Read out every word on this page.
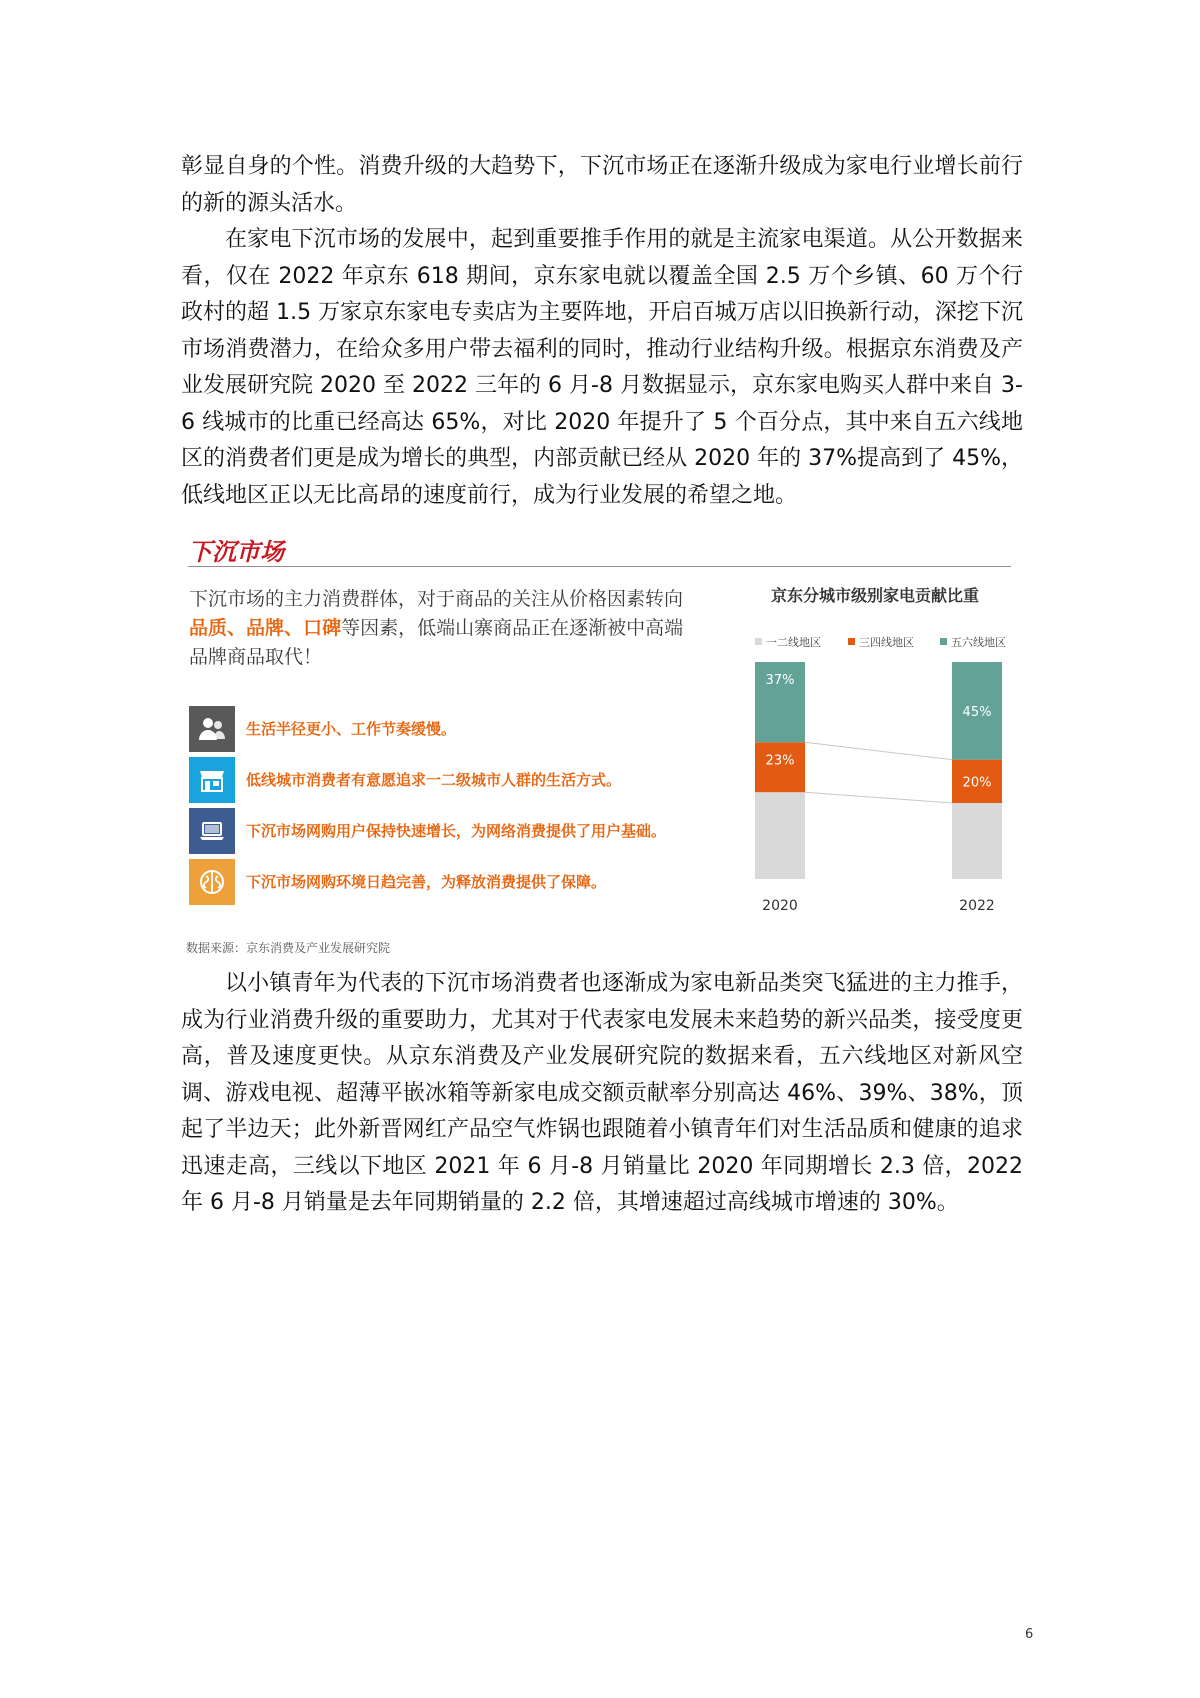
彰显自身的个性。消费升级的大趋势下，下沉市场正在逐渐升级成为家电行业增长前行的新的源头活水。

在家电下沉市场的发展中，起到重要推手作用的就是主流家电渠道。从公开数据来看，仅在 2022 年京东 618 期间，京东家电就以覆盖全国 2.5 万个乡镇、60 万个行政村的超 1.5 万家京东家电专卖店为主要阵地，开启百城万店以旧换新行动，深挖下沉市场消费潜力，在给众多用户带去福利的同时，推动行业结构升级。根据京东消费及产业发展研究院 2020 至 2022 三年的 6 月-8 月数据显示，京东家电购买人群中来自 3-6 线城市的比重已经高达 65%，对比 2020 年提升了 5 个百分点，其中来自五六线地区的消费者们更是成为增长的典型，内部贡献已经从 2020 年的 37%提高到了 45%，低线地区正以无比高昂的速度前行，成为行业发展的希望之地。

下沉市场
下沉市场的主力消费群体，对于商品的关注从价格因素转向品质、品牌、口碑等因素，低端山寨商品正在逐渐被中高端品牌商品取代！
生活半径更小、工作节奏缓慢。
低线城市消费者有意愿追求一二级城市人群的生活方式。
下沉市场网购用户保持快速增长，为网络消费提供了用户基础。
下沉市场网购环境日趋完善，为释放消费提供了保障。
京东分城市级别家电贡献比重
一二线地区	三四线地区	五六线地区
23%
37%
2020
20%
45%
2022
数据来源：京东消费及产业发展研究院

以小镇青年为代表的下沉市场消费者也逐渐成为家电新品类突飞猛进的主力推手，成为行业消费升级的重要助力，尤其对于代表家电发展未来趋势的新兴品类，接受度更高，普及速度更快。从京东消费及产业发展研究院的数据来看，五六线地区对新风空调、游戏电视、超薄平嵌冰箱等新家电成交额贡献率分别高达 46%、39%、38%，顶起了半边天；此外新晋网红产品空气炸锅也跟随着小镇青年们对生活品质和健康的追求迅速走高，三线以下地区 2021 年 6 月-8 月销量比 2020 年同期增长 2.3 倍，2022 年 6 月-8 月销量是去年同期销量的 2.2 倍，其增速超过高线城市增速的 30%。

6
